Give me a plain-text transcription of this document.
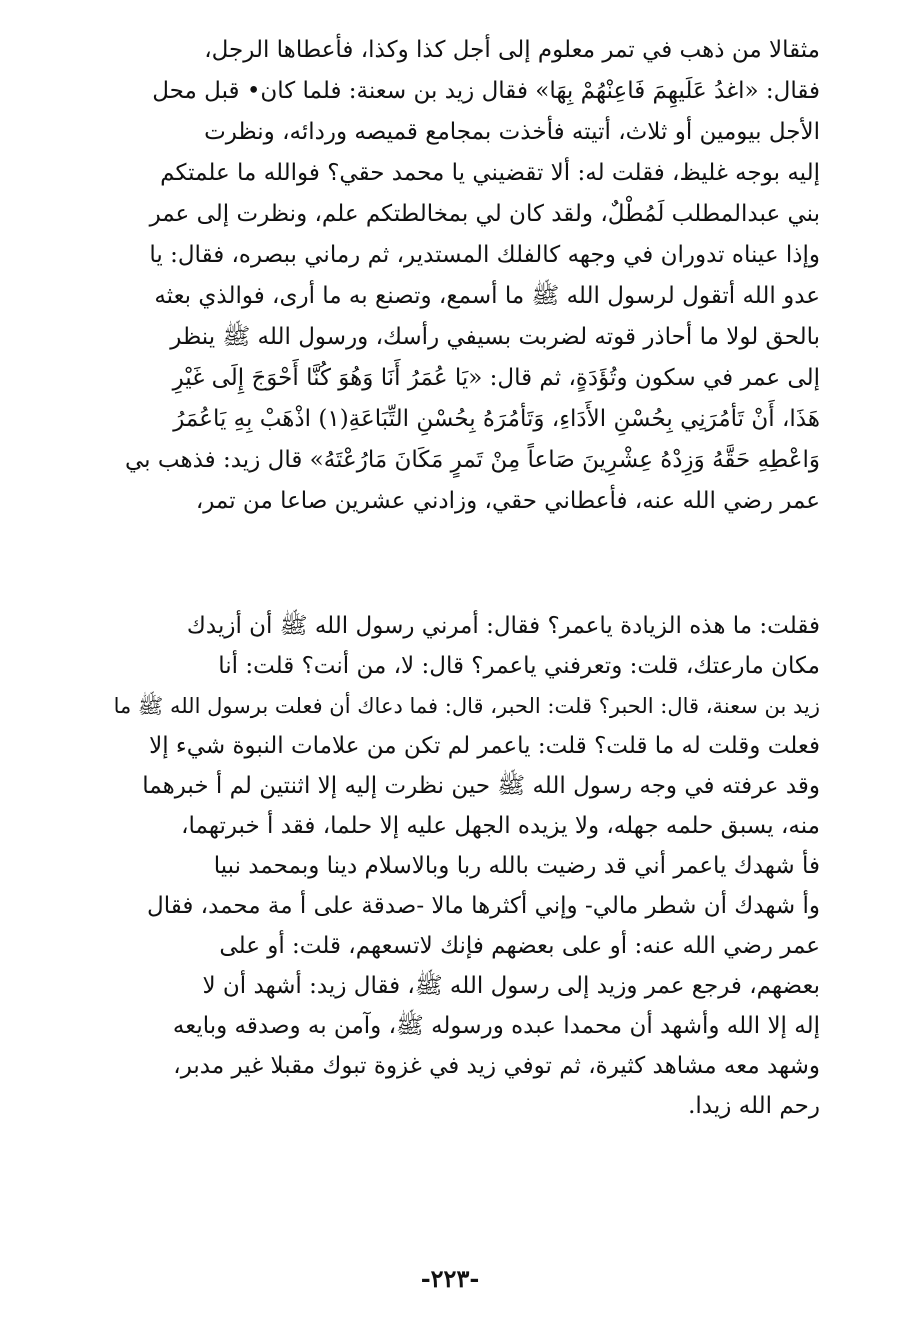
مثقالا من ذهب في تمر معلوم إلى أجل كذا وكذا، فأعطاها الرجل،
فقال: «اغدُ عَلَيهِمَ فَاعِنْهُمْ بِهَا» فقال زيد بن سعنة: فلما كان• قبل محل
الأجل بيومين أو ثلاث، أتيته فأخذت بمجامع قميصه وردائه، ونظرت
إليه بوجه غليظ، فقلت له: ألا تقضيني يا محمد حقي؟ فوالله ما علمتكم
بني عبدالمطلب لَمُطْلٌ، ولقد كان لي بمخالطتكم علم، ونظرت إلى عمر
وإذا عيناه تدوران في وجهه كالفلك المستدير، ثم رماني ببصره، فقال: يا
عدو الله أتقول لرسول الله ﷺ ما أسمع، وتصنع به ما أرى، فوالذي بعثه
بالحق لولا ما أحاذر قوته لضربت بسيفي رأسك، ورسول الله ﷺ ينظر
إلى عمر في سكون وتُؤَدَةٍ، ثم قال: «يَا عُمَرُ أَنَا وَهُوَ كُنَّا أَحْوَجَ إِلَى غَيْرِ
هَذَا، أَنْ تَأمُرَنِي بِحُسْنِ الأَدَاءِ، وَتَأمُرَهُ بِحُسْنِ التِّبَاعَةِ(١) اذْهَبْ بِهِ يَاعُمَرُ
وَاعْطِهِ حَقَّهُ وَزِدْهُ عِشْرِينَ صَاعاً مِنْ تَمرٍ مَكَانَ مَارُعْتَهُ» قال زيد: فذهب بي
عمر رضي الله عنه، فأعطاني حقي، وزادني عشرين صاعا من تمر،
فقلت: ما هذه الزيادة ياعمر؟ فقال: أمرني رسول الله ﷺ أن أزيدك
مكان مارعتك، قلت: وتعرفني ياعمر؟ قال: لا، من أنت؟ قلت: أنا
زيد بن سعنة، قال: الحبر؟ قلت: الحبر، قال: فما دعاك أن فعلت برسول الله ﷺ ما
فعلت وقلت له ما قلت؟ قلت: ياعمر لم تكن من علامات النبوة شيء إلا
وقد عرفته في وجه رسول الله ﷺ حين نظرت إليه إلا اثنتين لم أ خبرهما
منه، يسبق حلمه جهله، ولا يزيده الجهل عليه إلا حلما، فقد أ خبرتهما،
فأ شهدك ياعمر أني قد رضيت بالله ربا وبالاسلام دينا وبمحمد نبيا
وأ شهدك أن شطر مالي- وإني أكثرها مالا -صدقة على أ مة محمد، فقال
عمر رضي الله عنه: أو على بعضهم فإنك لاتسعهم، قلت: أو على
بعضهم، فرجع عمر وزيد إلى رسول الله ﷺ، فقال زيد: أشهد أن لا
إله إلا الله وأشهد أن محمدا عبده ورسوله ﷺ، وآمن به وصدقه وبايعه
وشهد معه مشاهد كثيرة، ثم توفي زيد في غزوة تبوك مقبلا غير مدبر،
رحم الله زيدا.
-٢٢٣-
